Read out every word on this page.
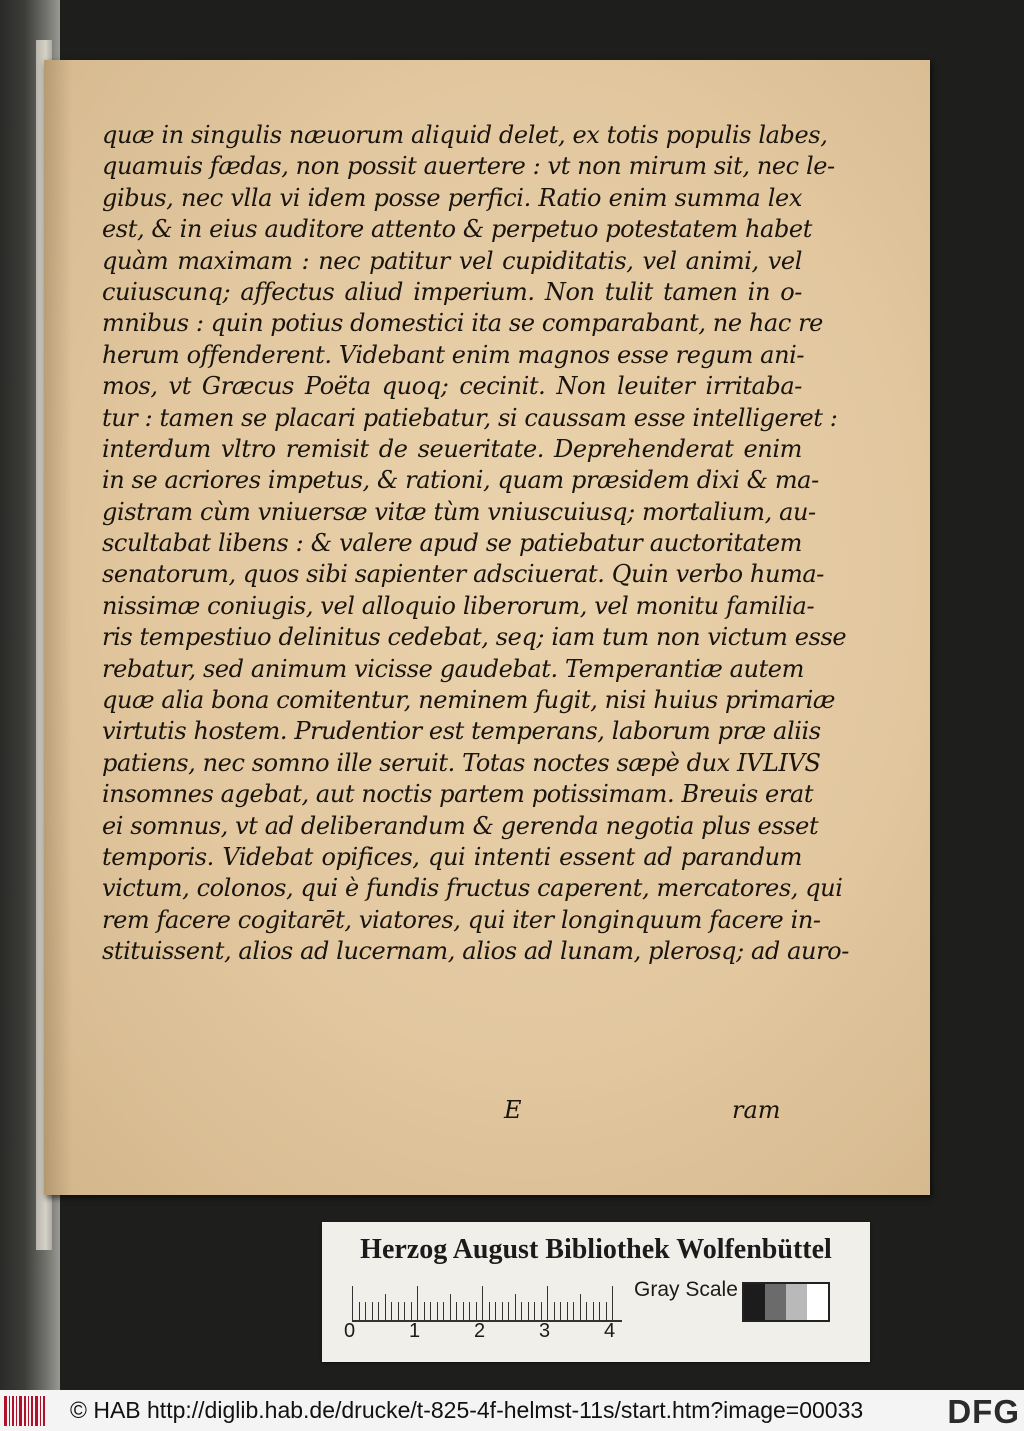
quæ in singulis næuorum aliquid delet, ex totis populis labes,
quamuis fædas, non possit auertere : vt non mirum sit, nec le-
gibus, nec vlla vi idem posse perfici. Ratio enim summa lex
est, & in eius auditore attento & perpetuo potestatem habet
quàm maximam : nec patitur vel cupiditatis, vel animi, vel
cuiuscunq; affectus aliud imperium. Non tulit tamen in o-
mnibus : quin potius domestici ita se comparabant, ne hac re
herum offenderent. Videbant enim magnos esse regum ani-
mos, vt Græcus Poëta quoq; cecinit. Non leuiter irritaba-
tur : tamen se placari patiebatur, si caussam esse intelligeret :
interdum vltro remisit de seueritate. Deprehenderat enim
in se acriores impetus, & rationi, quam præsidem dixi & ma-
gistram cùm vniuersæ vitæ tùm vniuscuiusq; mortalium, au-
scultabat libens : & valere apud se patiebatur auctoritatem
senatorum, quos sibi sapienter adsciuerat. Quin verbo huma-
nissimæ coniugis, vel alloquio liberorum, vel monitu familia-
ris tempestiuo delinitus cedebat, seq; iam tum non victum esse
rebatur, sed animum vicisse gaudebat. Temperantiæ autem
quæ alia bona comitentur, neminem fugit, nisi huius primariæ
virtutis hostem. Prudentior est temperans, laborum præ aliis
patiens, nec somno ille seruit. Totas noctes sæpè dux IVLIVS
insomnes agebat, aut noctis partem potissimam. Breuis erat
ei somnus, vt ad deliberandum & gerenda negotia plus esset
temporis. Videbat opifices, qui intenti essent ad parandum
victum, colonos, qui è fundis fructus caperent, mercatores, qui
rem facere cogitarēt, viatores, qui iter longinquum facere in-
stituissent, alios ad lucernam, alios ad lunam, plerosq; ad auro-
E	ram
Herzog August Bibliothek Wolfenbüttel
0	1	2	3	4
Gray Scale
© HAB http://diglib.hab.de/drucke/t-825-4f-helmst-11s/start.htm?image=00033	DFG
